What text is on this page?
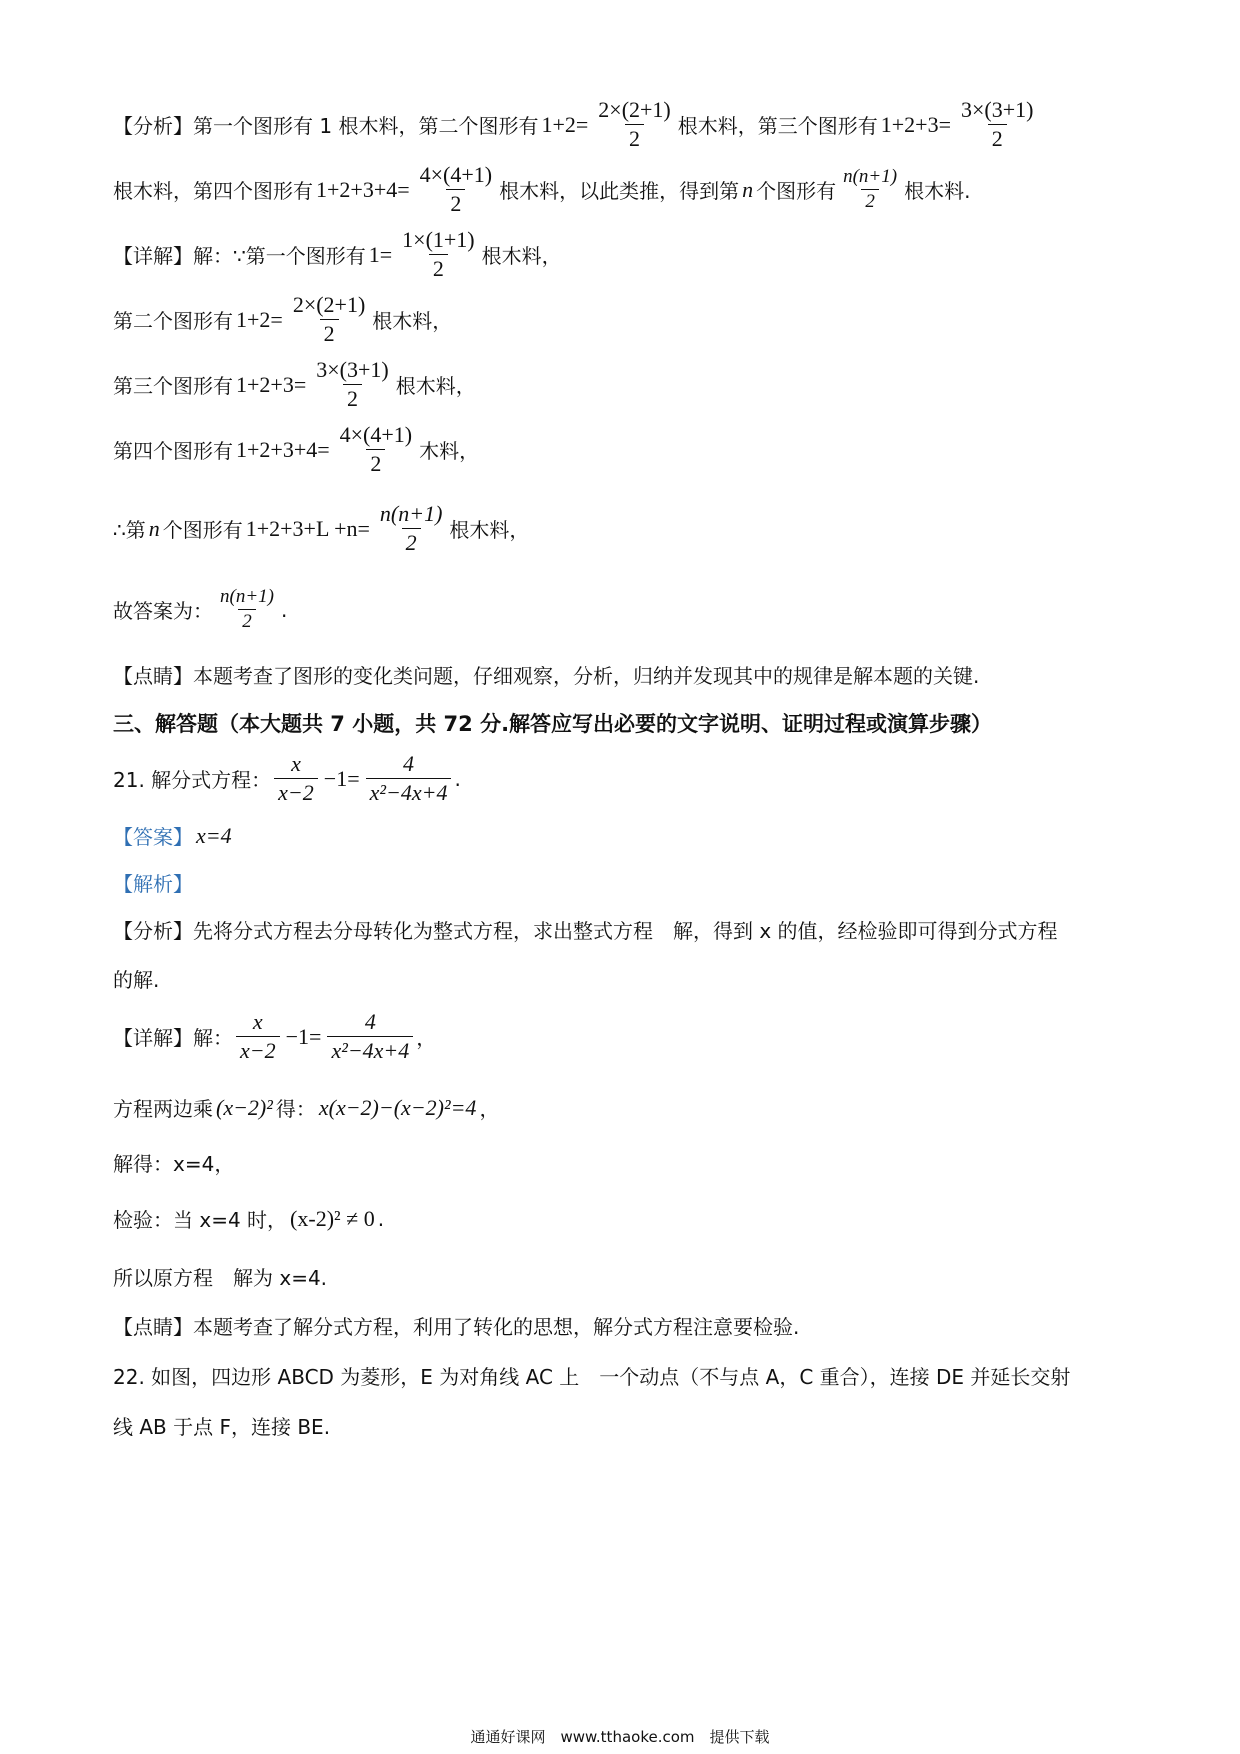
【分析】第一个图形有 1 根木料，第二个图形有 $1+2= \frac{2\times(2+1)}{2}$ 根木料，第三个图形有 $1+2+3= \frac{3\times(3+1)}{2}$
根木料，第四个图形有 $1+2+3+4= \frac{4\times(4+1)}{2}$ 根木料，以此类推，得到第 n 个图形有 $\frac{n(n+1)}{2}$ 根木料.
【详解】解：∵第一个图形有 $1= \frac{1\times(1+1)}{2}$ 根木料，
第二个图形有 $1+2= \frac{2\times(2+1)}{2}$ 根木料，
第三个图形有 $1+2+3= \frac{3\times(3+1)}{2}$ 根木料，
第四个图形有 $1+2+3+4= \frac{4\times(4+1)}{2}$ 木料，
∴第 n 个图形有 $1+2+3+L +n= \frac{n(n+1)}{2}$ 根木料，
故答案为： $\frac{n(n+1)}{2}$ .
【点睛】本题考查了图形的变化类问题，仔细观察，分析，归纳并发现其中的规律是解本题的关键.
三、解答题（本大题共 7 小题，共 72 分.解答应写出必要的文字说明、证明过程或演算步骤）
21. 解分式方程： $\frac{x}{x-2} -1= \frac{4}{\text{x²−4x+4}}$ .
【答案】 x=4
【解析】
【分析】先将分式方程去分母转化为整式方程，求出整式方程　解，得到 x 的值，经检验即可得到分式方程
的解.
【详解】解： $\frac{x}{x-2} -1= \frac{4}{\text{x²−4x+4}}$ ，
方程两边乘 (x−2)² 得： x(x−2)−(x−2)²=4 ，
解得：x=4，
检验：当 x=4 时， (x-2)² ≠ 0 .
所以原方程　解为 x=4.
【点睛】本题考查了解分式方程，利用了转化的思想，解分式方程注意要检验.
22. 如图，四边形 ABCD 为菱形，E 为对角线 AC 上　一个动点（不与点 A，C 重合），连接 DE 并延长交射
线 AB 于点 F，连接 BE.
通通好课网　www.tthaoke.com　提供下载
